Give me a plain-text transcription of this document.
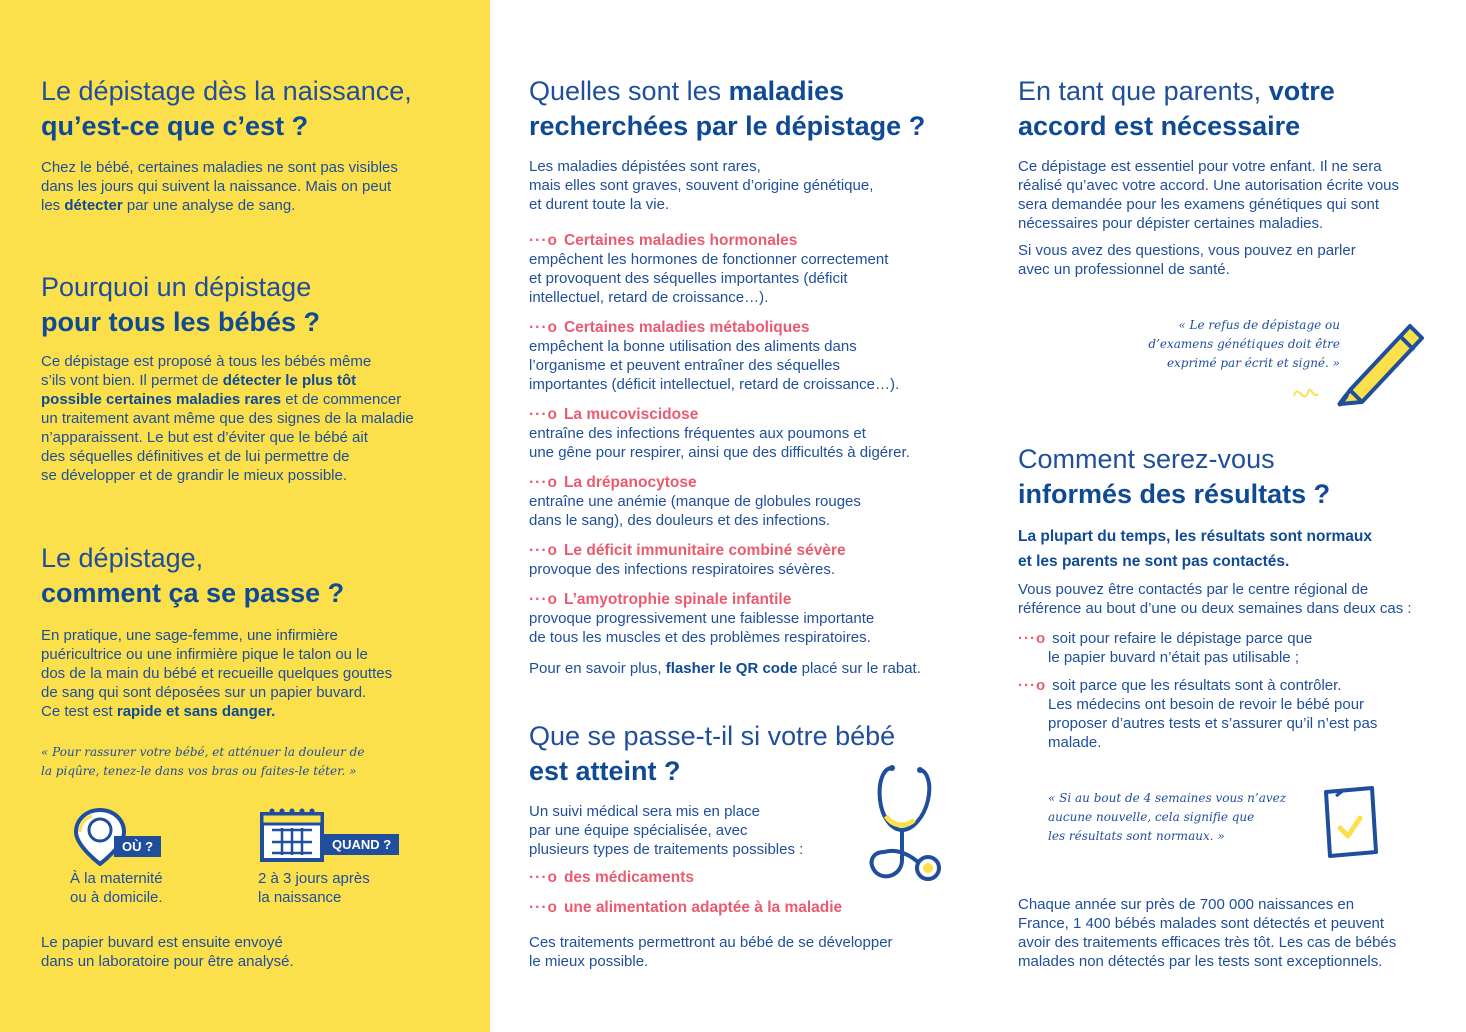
Le dépistage dès la naissance,
qu’est-ce que c’est ?
Chez le bébé, certaines maladies ne sont pas visibles
dans les jours qui suivent la naissance. Mais on peut
les détecter par une analyse de sang.
Pourquoi un dépistage
pour tous les bébés ?
Ce dépistage est proposé à tous les bébés même
s’ils vont bien. Il permet de détecter le plus tôt
possible certaines maladies rares et de commencer
un traitement avant même que des signes de la maladie
n’apparaissent. Le but est d’éviter que le bébé ait
des séquelles définitives et de lui permettre de
se développer et de grandir le mieux possible.
Le dépistage,
comment ça se passe ?
En pratique, une sage-femme, une infirmière
puéricultrice ou une infirmière pique le talon ou le
dos de la main du bébé et recueille quelques gouttes
de sang qui sont déposées sur un papier buvard.
Ce test est rapide et sans danger.
« Pour rassurer votre bébé, et atténuer la douleur de
la piqûre, tenez-le dans vos bras ou faites-le téter. »
OÙ ?
À la maternité
ou à domicile.
QUAND ?
2 à 3 jours après
la naissance
Le papier buvard est ensuite envoyé
dans un laboratoire pour être analysé.
Quelles sont les maladies
recherchées par le dépistage ?
Les maladies dépistées sont rares,
mais elles sont graves, souvent d’origine génétique,
et durent toute la vie.
···o Certaines maladies hormonales
empêchent les hormones de fonctionner correctement
et provoquent des séquelles importantes (déficit
intellectuel, retard de croissance…).
···o Certaines maladies métaboliques
empêchent la bonne utilisation des aliments dans
l’organisme et peuvent entraîner des séquelles
importantes (déficit intellectuel, retard de croissance…).
···o La mucoviscidose
entraîne des infections fréquentes aux poumons et
une gêne pour respirer, ainsi que des difficultés à digérer.
···o La drépanocytose
entraîne une anémie (manque de globules rouges
dans le sang), des douleurs et des infections.
···o Le déficit immunitaire combiné sévère
provoque des infections respiratoires sévères.
···o L’amyotrophie spinale infantile
provoque progressivement une faiblesse importante
de tous les muscles et des problèmes respiratoires.
Pour en savoir plus, flasher le QR code placé sur le rabat.
Que se passe-t-il si votre bébé
est atteint ?
Un suivi médical sera mis en place
par une équipe spécialisée, avec
plusieurs types de traitements possibles :
···o des médicaments
···o une alimentation adaptée à la maladie
Ces traitements permettront au bébé de se développer
le mieux possible.
En tant que parents, votre
accord est nécessaire
Ce dépistage est essentiel pour votre enfant. Il ne sera
réalisé qu’avec votre accord. Une autorisation écrite vous
sera demandée pour les examens génétiques qui sont
nécessaires pour dépister certaines maladies.
Si vous avez des questions, vous pouvez en parler
avec un professionnel de santé.
« Le refus de dépistage ou
d’examens génétiques doit être
exprimé par écrit et signé. »
Comment serez-vous
informés des résultats ?
La plupart du temps, les résultats sont normaux
et les parents ne sont pas contactés.
Vous pouvez être contactés par le centre régional de
référence au bout d’une ou deux semaines dans deux cas :
···o soit pour refaire le dépistage parce que
le papier buvard n’était pas utilisable ;
···o soit parce que les résultats sont à contrôler.
Les médecins ont besoin de revoir le bébé pour
proposer d’autres tests et s’assurer qu’il n’est pas
malade.
« Si au bout de 4 semaines vous n’avez
aucune nouvelle, cela signifie que
les résultats sont normaux. »
Chaque année sur près de 700 000 naissances en
France, 1 400 bébés malades sont détectés et peuvent
avoir des traitements efficaces très tôt. Les cas de bébés
malades non détectés par les tests sont exceptionnels.
